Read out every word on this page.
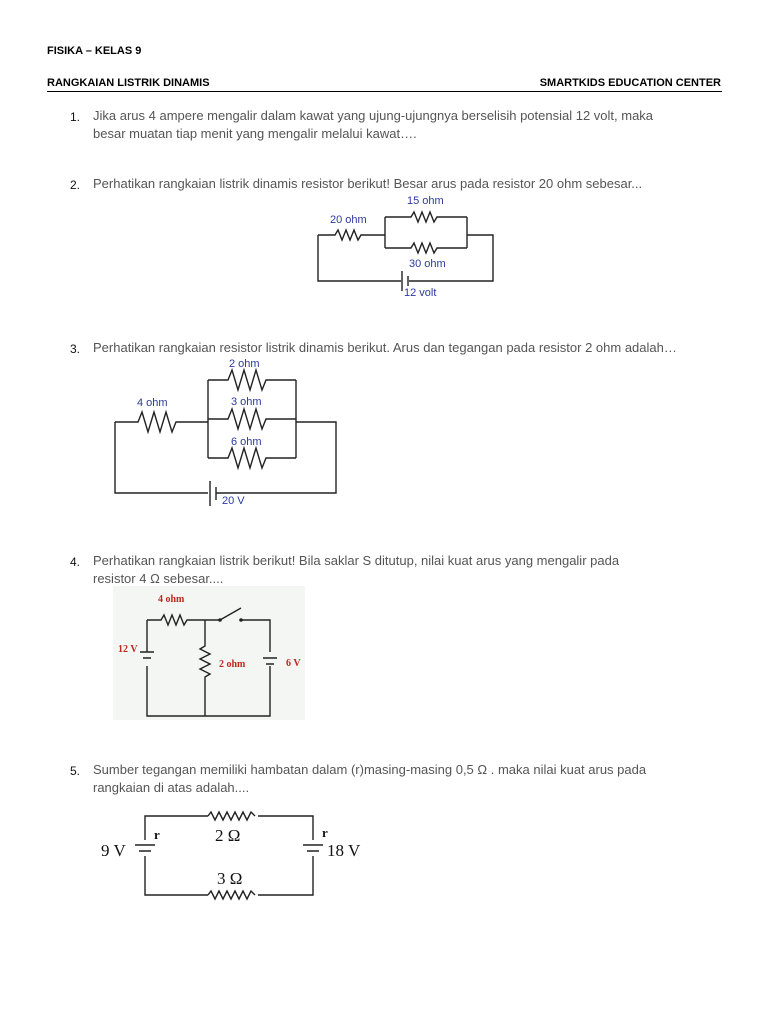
FISIKA – KELAS 9
RANGKAIAN LISTRIK DINAMIS	SMARTKIDS EDUCATION CENTER
1. Jika arus 4 ampere mengalir dalam kawat yang ujung-ujungnya berselisih potensial 12 volt, maka
besar muatan tiap menit yang mengalir melalui kawat….
2. Perhatikan rangkaian listrik dinamis resistor berikut! Besar arus pada resistor 20 ohm sebesar...
20 ohm
15 ohm
30 ohm
12 volt
3. Perhatikan rangkaian resistor listrik dinamis berikut. Arus dan tegangan pada resistor 2 ohm adalah…
4 ohm
2 ohm
3 ohm
6 ohm
20 V
4. Perhatikan rangkaian listrik berikut! Bila saklar S ditutup, nilai kuat arus yang mengalir pada
resistor 4 Ω sebesar....
4 ohm
2 ohm
12 V
6 V
5. Sumber tegangan memiliki hambatan dalam (r)masing-masing 0,5 Ω . maka nilai kuat arus pada
rangkaian di atas adalah....
9 V	18 V
r	r
2 Ω
3 Ω
